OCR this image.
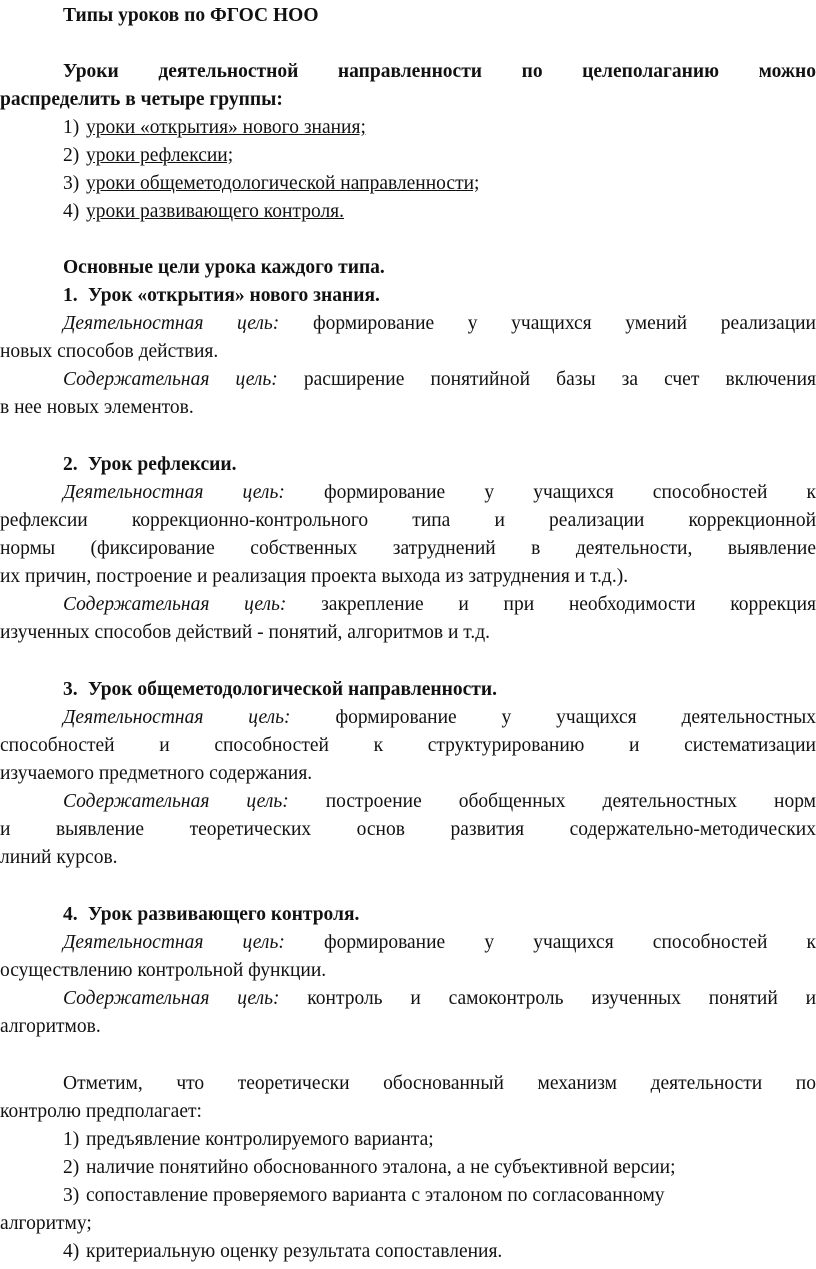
Типы уроков по ФГОС НОО
Уроки деятельностной направленности по целеполаганию можно
распределить в четыре группы:
1) уроки «открытия» нового знания;
2) уроки рефлексии;
3) уроки общеметодологической направленности;
4) уроки развивающего контроля.
Основные цели урока каждого типа.
1. Урок «открытия» нового знания.
Деятельностная цель: формирование у учащихся умений реализации
новых способов действия.
Содержательная цель: расширение понятийной базы за счет включения
в нее новых элементов.
2. Урок рефлексии.
Деятельностная цель: формирование у учащихся способностей к
рефлексии коррекционно-контрольного типа и реализации коррекционной
нормы (фиксирование собственных затруднений в деятельности, выявление
их причин, построение и реализация проекта выхода из затруднения и т.д.).
Содержательная цель: закрепление и при необходимости коррекция
изученных способов действий - понятий, алгоритмов и т.д.
3. Урок общеметодологической направленности.
Деятельностная цель: формирование у учащихся деятельностных
способностей и способностей к структурированию и систематизации
изучаемого предметного содержания.
Содержательная цель: построение обобщенных деятельностных норм
и выявление теоретических основ развития содержательно-методических
линий курсов.
4. Урок развивающего контроля.
Деятельностная цель: формирование у учащихся способностей к
осуществлению контрольной функции.
Содержательная цель: контроль и самоконтроль изученных понятий и
алгоритмов.
Отметим, что теоретически обоснованный механизм деятельности по
контролю предполагает:
1) предъявление контролируемого варианта;
2) наличие понятийно обоснованного эталона, а не субъективной версии;
3) сопоставление проверяемого варианта с эталоном по согласованному
алгоритму;
4) критериальную оценку результата сопоставления.
